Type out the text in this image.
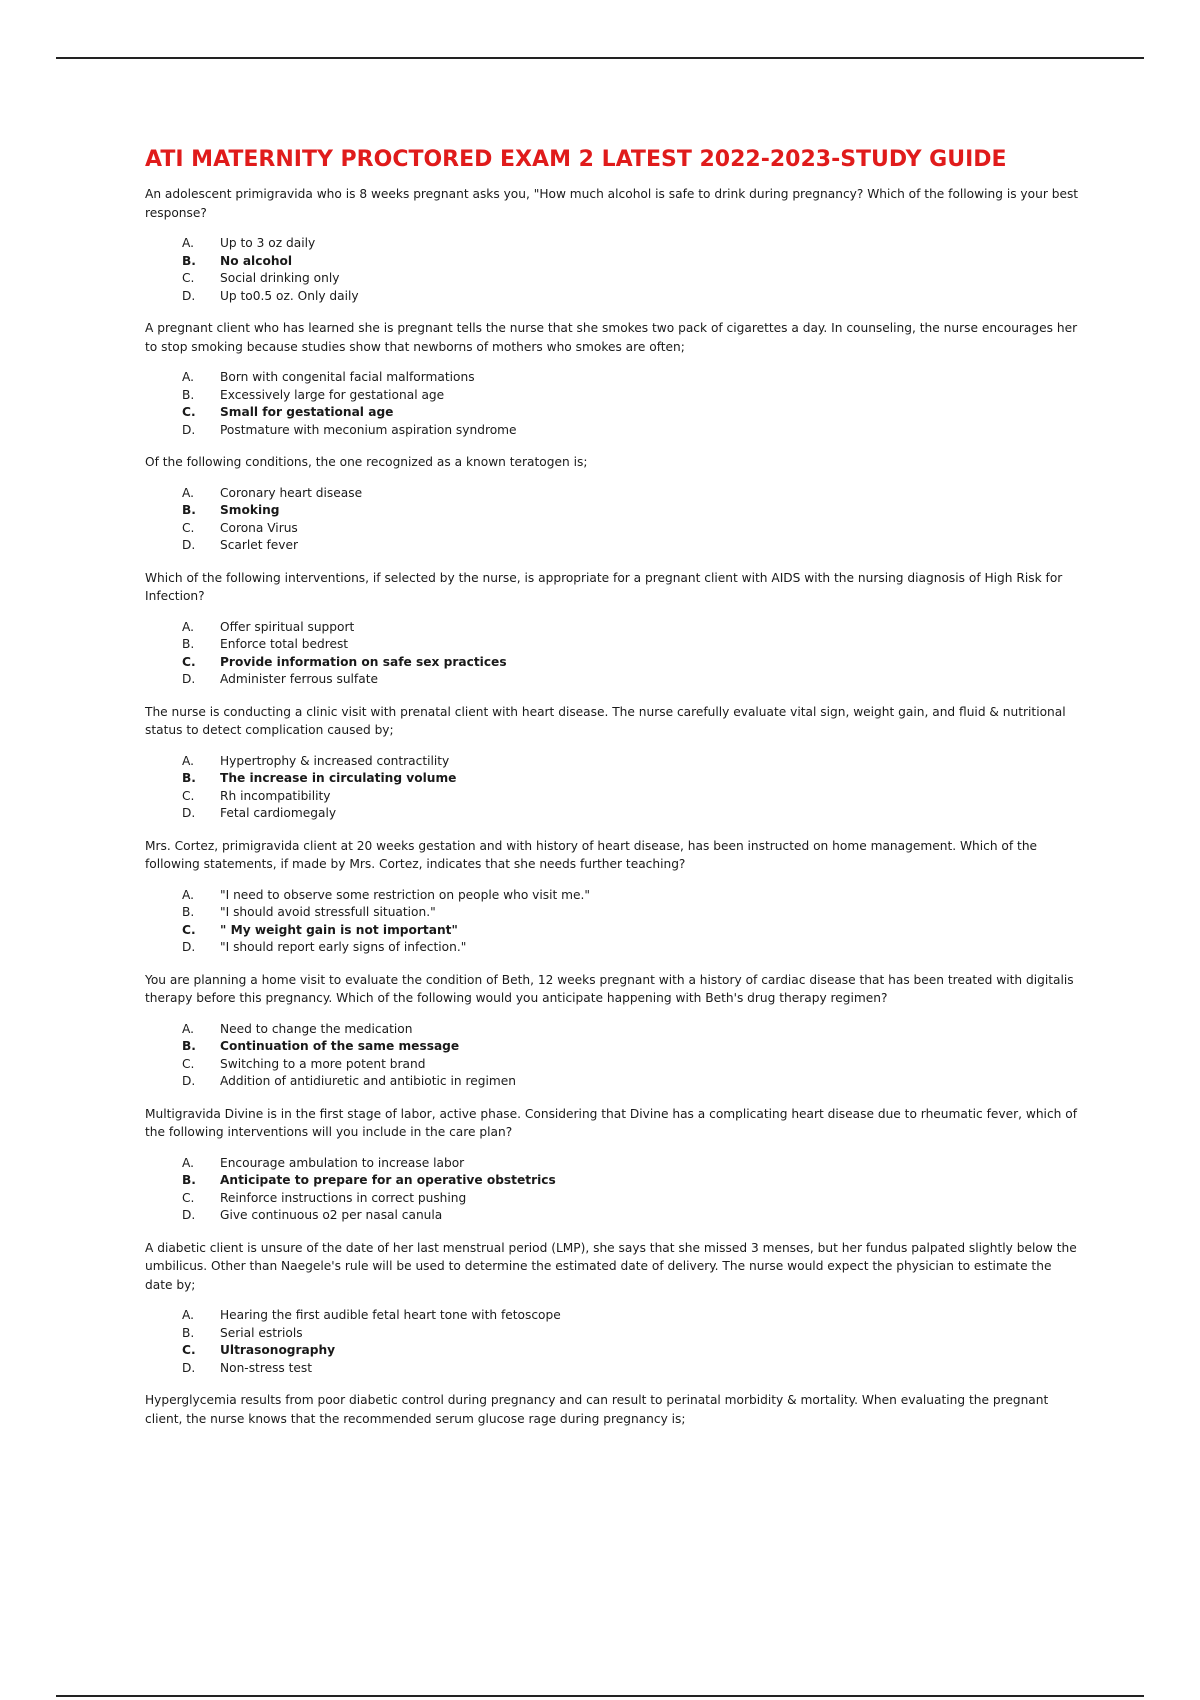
ATI MATERNITY PROCTORED EXAM 2 LATEST 2022-2023-STUDY GUIDE

An adolescent primigravida who is 8 weeks pregnant asks you, "How much alcohol is safe to drink during pregnancy? Which of the following is your best response?

A.	Up to 3 oz daily
B.	No alcohol
C.	Social drinking only
D.	Up to0.5 oz. Only daily

A pregnant client who has learned she is pregnant tells the nurse that she smokes two pack of cigarettes a day. In counseling, the nurse encourages her to stop smoking because studies show that newborns of mothers who smokes are often;

A.	Born with congenital facial malformations
B.	Excessively large for gestational age
C.	Small for gestational age
D.	Postmature with meconium aspiration syndrome

Of the following conditions, the one recognized as a known teratogen is;

A.	Coronary heart disease
B.	Smoking
C.	Corona Virus
D.	Scarlet fever

Which of the following interventions, if selected by the nurse, is appropriate for a pregnant client with AIDS with the nursing diagnosis of High Risk for Infection?

A.	Offer spiritual support
B.	Enforce total bedrest
C.	Provide information on safe sex practices
D.	Administer ferrous sulfate

The nurse is conducting a clinic visit with prenatal client with heart disease. The nurse carefully evaluate vital sign, weight gain, and fluid & nutritional status to detect complication caused by;

A.	Hypertrophy & increased contractility
B.	The increase in circulating volume
C.	Rh incompatibility
D.	Fetal cardiomegaly

Mrs. Cortez, primigravida client at 20 weeks gestation and with history of heart disease, has been instructed on home management. Which of the following statements, if made by Mrs. Cortez, indicates that she needs further teaching?

A.	"I need to observe some restriction on people who visit me."
B.	"I should avoid stressfull situation."
C.	" My weight gain is not important"
D.	"I should report early signs of infection."

You are planning a home visit to evaluate the condition of Beth, 12 weeks pregnant with a history of cardiac disease that has been treated with digitalis therapy before this pregnancy. Which of the following would you anticipate happening with Beth's drug therapy regimen?

A.	Need to change the medication
B.	Continuation of the same message
C.	Switching to a more potent brand
D.	Addition of antidiuretic and antibiotic in regimen

Multigravida Divine is in the first stage of labor, active phase. Considering that Divine has a complicating heart disease due to rheumatic fever, which of the following interventions will you include in the care plan?

A.	Encourage ambulation to increase labor
B.	Anticipate to prepare for an operative obstetrics
C.	Reinforce instructions in correct pushing
D.	Give continuous o2 per nasal canula

A diabetic client is unsure of the date of her last menstrual period (LMP), she says that she missed 3 menses, but her fundus palpated slightly below the umbilicus. Other than Naegele's rule will be used to determine the estimated date of delivery. The nurse would expect the physician to estimate the date by;

A.	Hearing the first audible fetal heart tone with fetoscope
B.	Serial estriols
C.	Ultrasonography
D.	Non-stress test

Hyperglycemia results from poor diabetic control during pregnancy and can result to perinatal morbidity & mortality. When evaluating the pregnant client, the nurse knows that the recommended serum glucose rage during pregnancy is;
